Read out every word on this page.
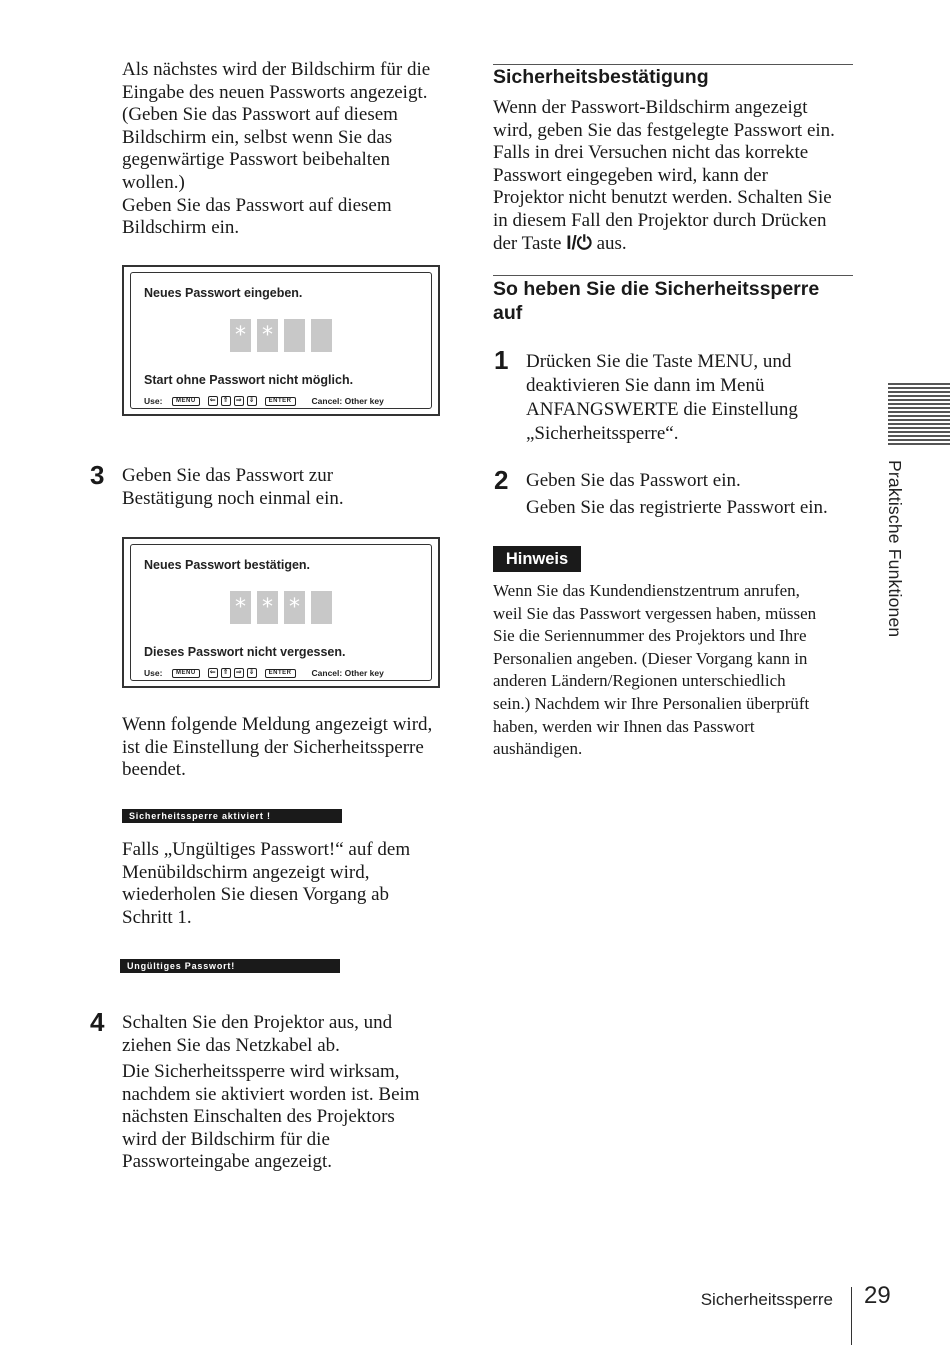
Als nächstes wird der Bildschirm für die

Eingabe des neuen Passworts angezeigt.

(Geben Sie das Passwort auf diesem

Bildschirm ein, selbst wenn Sie das

gegenwärtige Passwort beibehalten

wollen.)

Geben Sie das Passwort auf diesem

Bildschirm ein.

Neues Passwort eingeben.
* *
Start ohne Passwort nicht möglich.
Use:	MENU	⇐ ⇑ ⇒ ⇓	ENTER	Cancel: Other key
3 Geben Sie das Passwort zur

Bestätigung noch einmal ein.

Neues Passwort bestätigen.
* * *
Dieses Passwort nicht vergessen.
Use:	MENU	⇐ ⇑ ⇒ ⇓	ENTER	Cancel: Other key

Wenn folgende Meldung angezeigt wird,

ist die Einstellung der Sicherheitssperre

beendet.

Sicherheitssperre aktiviert !

Falls „Ungültiges Passwort!“ auf dem

Menübildschirm angezeigt wird,

wiederholen Sie diesen Vorgang ab

Schritt 1.

Ungültiges Passwort!
4 Schalten Sie den Projektor aus, und

ziehen Sie das Netzkabel ab.

Die Sicherheitssperre wird wirksam,

nachdem sie aktiviert worden ist. Beim

nächsten Einschalten des Projektors

wird der Bildschirm für die

Passworteingabe angezeigt.

Sicherheitsbestätigung

Wenn der Passwort-Bildschirm angezeigt

wird, geben Sie das festgelegte Passwort ein.

Falls in drei Versuchen nicht das korrekte

Passwort eingegeben wird, kann der

Projektor nicht benutzt werden. Schalten Sie

in diesem Fall den Projektor durch Drücken

der Taste I/⏻ aus.

So heben Sie die Sicherheitssperre
auf
1 Drücken Sie die Taste MENU, und

deaktivieren Sie dann im Menü

ANFANGSWERTE die Einstellung

„Sicherheitssperre“.

2 Geben Sie das Passwort ein.
Geben Sie das registrierte Passwort ein.
Hinweis

Wenn Sie das Kundendienstzentrum anrufen,

weil Sie das Passwort vergessen haben, müssen

Sie die Seriennummer des Projektors und Ihre

Personalien angeben. (Dieser Vorgang kann in

anderen Ländern/Regionen unterschiedlich

sein.) Nachdem wir Ihre Personalien überprüft

haben, werden wir Ihnen das Passwort

aushändigen.

Praktische Funktionen
Sicherheitssperre 29
